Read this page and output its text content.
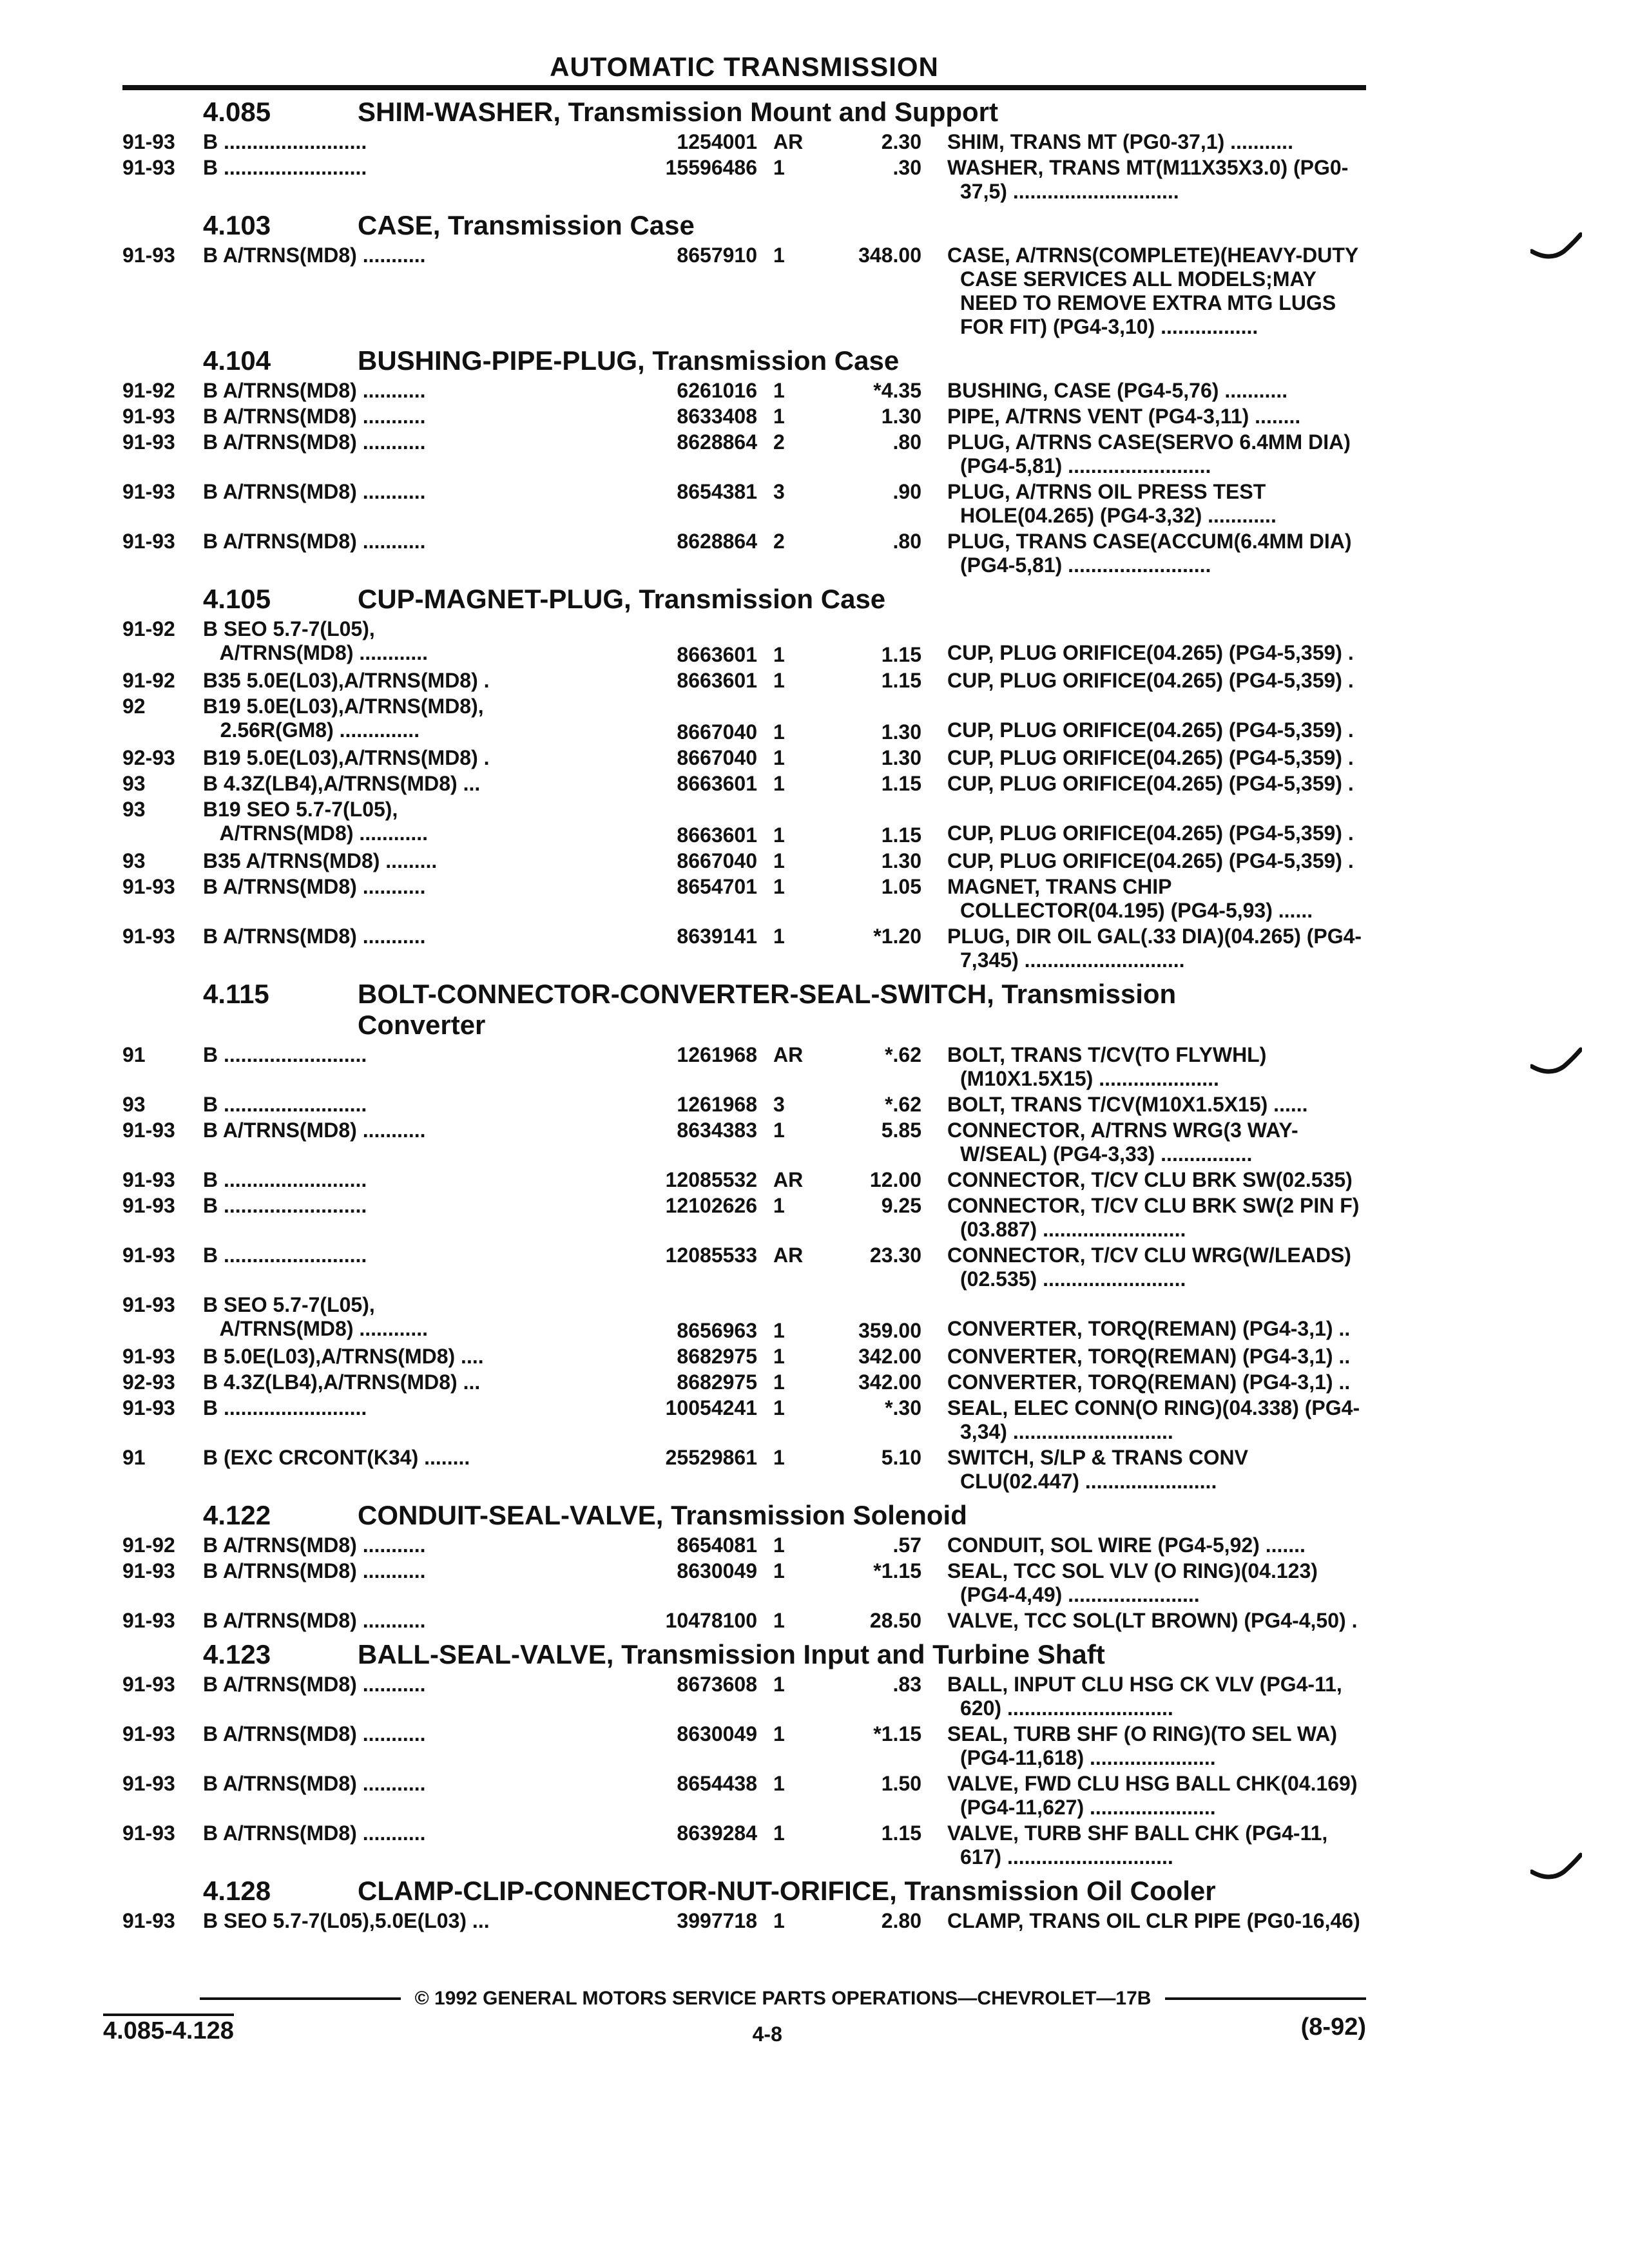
AUTOMATIC TRANSMISSION
4.085	SHIM-WASHER, Transmission Mount and Support
91-93	B .........................	1254001 AR	2.30	SHIM, TRANS MT (PG0-37,1) ...........
91-93	B .........................	15596486 1	.30	WASHER, TRANS MT(M11X35X3.0) (PG0-
37,5) .............................
4.103	CASE, Transmission Case
91-93	B A/TRNS(MD8) ...........	8657910 1	348.00	CASE, A/TRNS(COMPLETE)(HEAVY-DUTY
CASE SERVICES ALL MODELS;MAY
NEED TO REMOVE EXTRA MTG LUGS
FOR FIT) (PG4-3,10) .................
4.104	BUSHING-PIPE-PLUG, Transmission Case
91-92	B A/TRNS(MD8) ...........	6261016 1	*4.35	BUSHING, CASE (PG4-5,76) ...........
91-93	B A/TRNS(MD8) ...........	8633408 1	1.30	PIPE, A/TRNS VENT (PG4-3,11) ........
91-93	B A/TRNS(MD8) ...........	8628864 2	.80	PLUG, A/TRNS CASE(SERVO 6.4MM DIA)
(PG4-5,81) .........................
91-93	B A/TRNS(MD8) ...........	8654381 3	.90	PLUG, A/TRNS OIL PRESS TEST
HOLE(04.265) (PG4-3,32) ............
91-93	B A/TRNS(MD8) ...........	8628864 2	.80	PLUG, TRANS CASE(ACCUM(6.4MM DIA)
(PG4-5,81) .........................
4.105	CUP-MAGNET-PLUG, Transmission Case
91-92	B SEO 5.7-7(L05),
A/TRNS(MD8) ............	8663601 1	1.15	CUP, PLUG ORIFICE(04.265) (PG4-5,359) .
91-92	B35 5.0E(L03),A/TRNS(MD8) .	8663601 1	1.15	CUP, PLUG ORIFICE(04.265) (PG4-5,359) .
92	B19 5.0E(L03),A/TRNS(MD8),
2.56R(GM8) ..............	8667040 1	1.30	CUP, PLUG ORIFICE(04.265) (PG4-5,359) .
92-93	B19 5.0E(L03),A/TRNS(MD8) .	8667040 1	1.30	CUP, PLUG ORIFICE(04.265) (PG4-5,359) .
93	B 4.3Z(LB4),A/TRNS(MD8) ...	8663601 1	1.15	CUP, PLUG ORIFICE(04.265) (PG4-5,359) .
93	B19 SEO 5.7-7(L05),
A/TRNS(MD8) ............	8663601 1	1.15	CUP, PLUG ORIFICE(04.265) (PG4-5,359) .
93	B35 A/TRNS(MD8) .........	8667040 1	1.30	CUP, PLUG ORIFICE(04.265) (PG4-5,359) .
91-93	B A/TRNS(MD8) ...........	8654701 1	1.05	MAGNET, TRANS CHIP
COLLECTOR(04.195) (PG4-5,93) ......
91-93	B A/TRNS(MD8) ...........	8639141 1	*1.20	PLUG, DIR OIL GAL(.33 DIA)(04.265) (PG4-
7,345) ............................
4.115	BOLT-CONNECTOR-CONVERTER-SEAL-SWITCH, Transmission Converter
91	B .........................	1261968 AR	*.62	BOLT, TRANS T/CV(TO FLYWHL)
(M10X1.5X15) .....................
93	B .........................	1261968 3	*.62	BOLT, TRANS T/CV(M10X1.5X15) ......
91-93	B A/TRNS(MD8) ...........	8634383 1	5.85	CONNECTOR, A/TRNS WRG(3 WAY-
W/SEAL) (PG4-3,33) ................
91-93	B .........................	12085532 AR	12.00	CONNECTOR, T/CV CLU BRK SW(02.535)
91-93	B .........................	12102626 1	9.25	CONNECTOR, T/CV CLU BRK SW(2 PIN F)
(03.887) .........................
91-93	B .........................	12085533 AR	23.30	CONNECTOR, T/CV CLU WRG(W/LEADS)
(02.535) .........................
91-93	B SEO 5.7-7(L05),
A/TRNS(MD8) ............	8656963 1	359.00	CONVERTER, TORQ(REMAN) (PG4-3,1) ..
91-93	B 5.0E(L03),A/TRNS(MD8) ....	8682975 1	342.00	CONVERTER, TORQ(REMAN) (PG4-3,1) ..
92-93	B 4.3Z(LB4),A/TRNS(MD8) ...	8682975 1	342.00	CONVERTER, TORQ(REMAN) (PG4-3,1) ..
91-93	B .........................	10054241 1	*.30	SEAL, ELEC CONN(O RING)(04.338) (PG4-
3,34) ............................
91	B (EXC CRCONT(K34) ........	25529861 1	5.10	SWITCH, S/LP & TRANS CONV
CLU(02.447) .......................
4.122	CONDUIT-SEAL-VALVE, Transmission Solenoid
91-92	B A/TRNS(MD8) ...........	8654081 1	.57	CONDUIT, SOL WIRE (PG4-5,92) .......
91-93	B A/TRNS(MD8) ...........	8630049 1	*1.15	SEAL, TCC SOL VLV (O RING)(04.123)
(PG4-4,49) .......................
91-93	B A/TRNS(MD8) ...........	10478100 1	28.50	VALVE, TCC SOL(LT BROWN) (PG4-4,50) .
4.123	BALL-SEAL-VALVE, Transmission Input and Turbine Shaft
91-93	B A/TRNS(MD8) ...........	8673608 1	.83	BALL, INPUT CLU HSG CK VLV (PG4-11,
620) .............................
91-93	B A/TRNS(MD8) ...........	8630049 1	*1.15	SEAL, TURB SHF (O RING)(TO SEL WA)
(PG4-11,618) ......................
91-93	B A/TRNS(MD8) ...........	8654438 1	1.50	VALVE, FWD CLU HSG BALL CHK(04.169)
(PG4-11,627) ......................
91-93	B A/TRNS(MD8) ...........	8639284 1	1.15	VALVE, TURB SHF BALL CHK (PG4-11,
617) .............................
4.128	CLAMP-CLIP-CONNECTOR-NUT-ORIFICE, Transmission Oil Cooler
91-93	B SEO 5.7-7(L05),5.0E(L03) ...	3997718 1	2.80	CLAMP, TRANS OIL CLR PIPE (PG0-16,46)
© 1992 GENERAL MOTORS SERVICE PARTS OPERATIONS—CHEVROLET—17B
4.085-4.128	4-8	(8-92)
